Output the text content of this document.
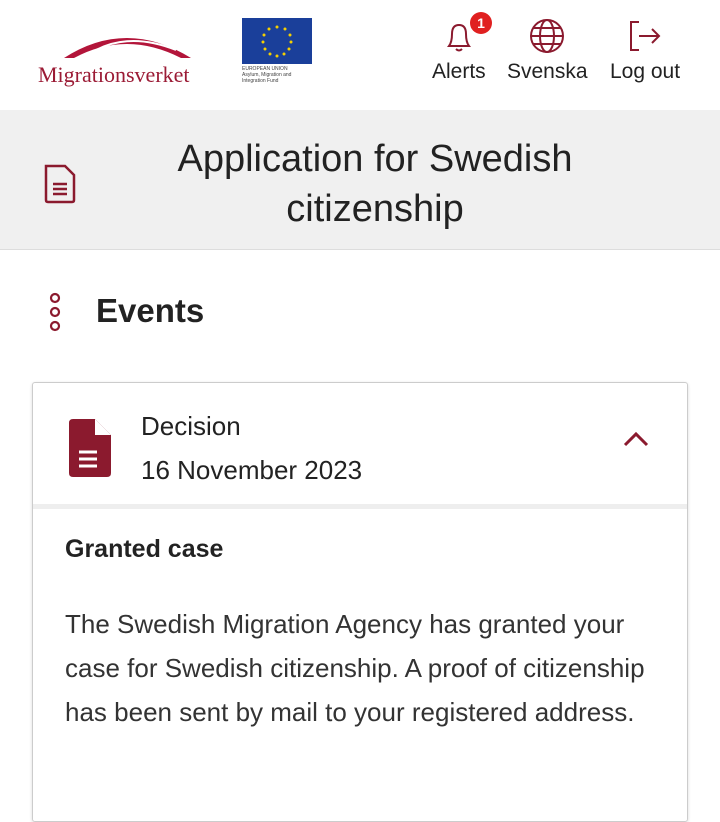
Migrationsverket	EUROPEAN UNION
Asylum, Migration and Integration Fund
1
Alerts Svenska Log out
Application for Swedish citizenship
Events
Decision
16 November 2023
Granted case
The Swedish Migration Agency has granted your case for Swedish citizenship. A proof of citizenship has been sent by mail to your registered address.
